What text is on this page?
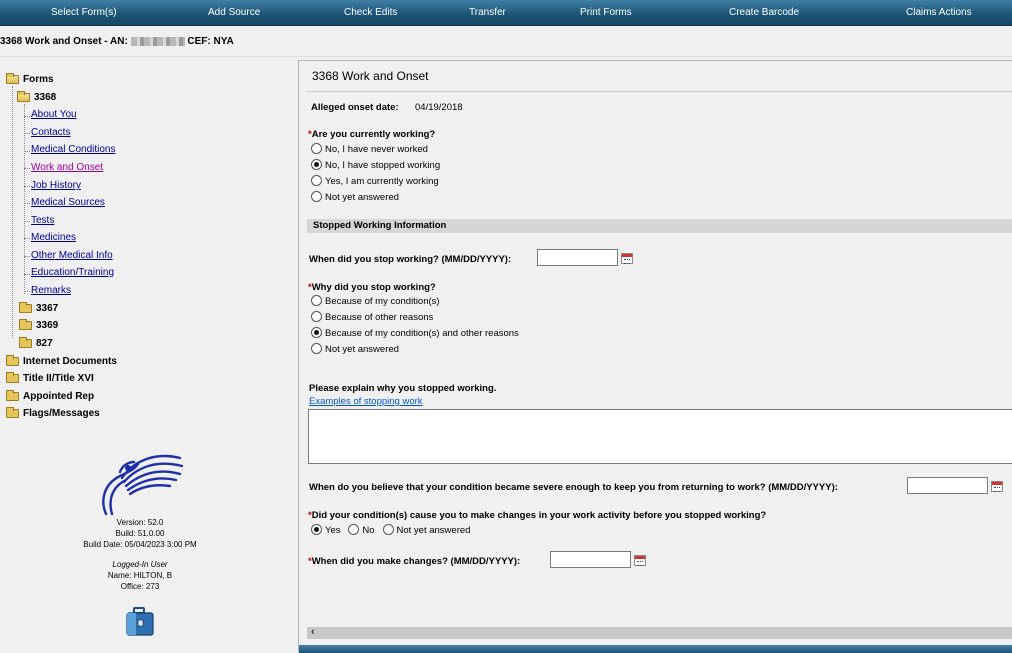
Select Form(s)	Add Source	Check Edits	Transfer	Print Forms	Create Barcode	Claims Actions
3368 Work and Onset - AN:	CEF: NYA
Forms
3368
About You
Contacts
Medical Conditions
Work and Onset
Job History
Medical Sources
Tests
Medicines
Other Medical Info
Education/Training
Remarks
3367
3369
827
Internet Documents
Title II/Title XVI
Appointed Rep
Flags/Messages
Version: 52.0
Build: 51.0.00
Build Date: 05/04/2023 3:00 PM
Logged-In User
Name: HILTON, B
Office: 273
3368 Work and Onset
Alleged onset date: 04/19/2018
*Are you currently working?
No, I have never worked
No, I have stopped working
Yes, I am currently working
Not yet answered
Stopped Working Information
When did you stop working? (MM/DD/YYYY):
*Why did you stop working?
Because of my condition(s)
Because of other reasons
Because of my condition(s) and other reasons
Not yet answered
Please explain why you stopped working.
Examples of stopping work
When do you believe that your condition became severe enough to keep you from returning to work? (MM/DD/YYYY):
*Did your condition(s) cause you to make changes in your work activity before you stopped working?
Yes No Not yet answered
*When did you make changes? (MM/DD/YYYY):
‹
